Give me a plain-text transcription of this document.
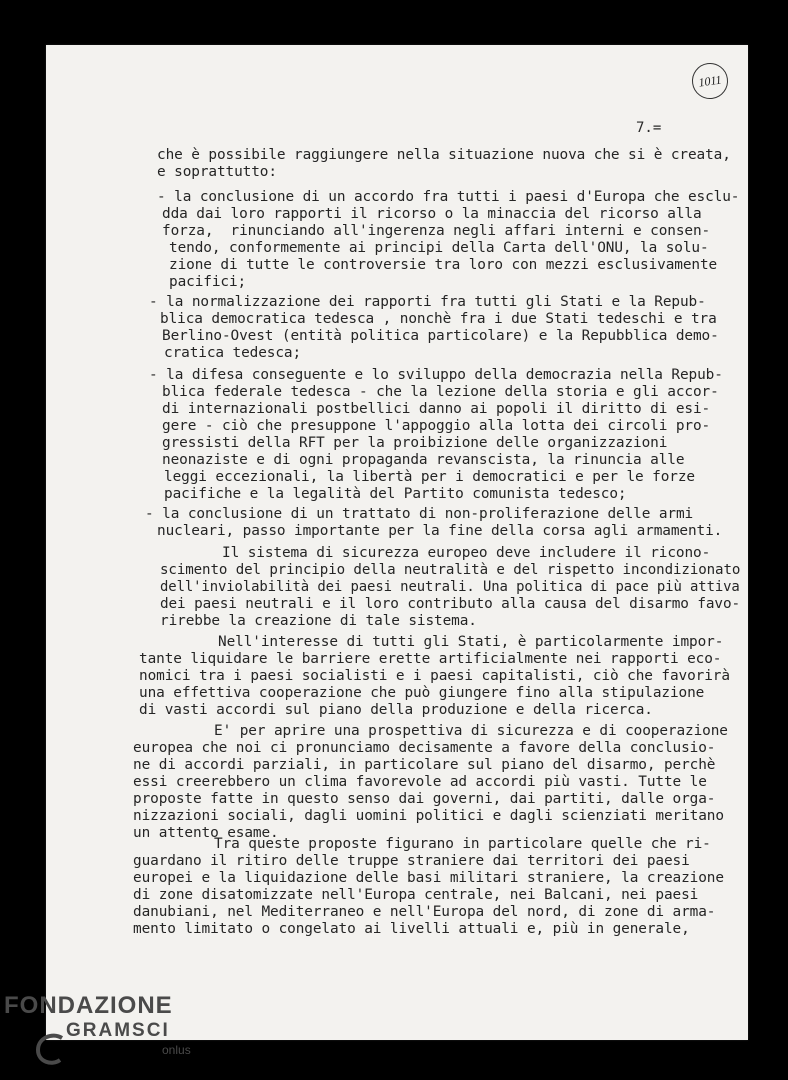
1011
7.=
che è possibile raggiungere nella situazione nuova che si è creata,
e soprattutto:
- la conclusione di un accordo fra tutti i paesi d'Europa che esclu-
dda dai loro rapporti il ricorso o la minaccia del ricorso alla
forza,  rinunciando all'ingerenza negli affari interni e consen-
tendo, conformemente ai principi della Carta dell'ONU, la solu-
zione di tutte le controversie tra loro con mezzi esclusivamente
pacifici;
- la normalizzazione dei rapporti fra tutti gli Stati e la Repub-
blica democratica tedesca , nonchè fra i due Stati tedeschi e tra
Berlino-Ovest (entità politica particolare) e la Repubblica demo-
cratica tedesca;
- la difesa conseguente e lo sviluppo della democrazia nella Repub-
blica federale tedesca - che la lezione della storia e gli accor-
di internazionali postbellici danno ai popoli il diritto di esi-
gere - ciò che presuppone l'appoggio alla lotta dei circoli pro-
gressisti della RFT per la proibizione delle organizzazioni
neonaziste e di ogni propaganda revanscista, la rinuncia alle
leggi eccezionali, la libertà per i democratici e per le forze
pacifiche e la legalità del Partito comunista tedesco;
- la conclusione di un trattato di non-proliferazione delle armi
nucleari, passo importante per la fine della corsa agli armamenti.
Il sistema di sicurezza europeo deve includere il ricono-
scimento del principio della neutralità e del rispetto incondizionato
dell'inviolabilità dei paesi neutrali. Una politica di pace più attiva
dei paesi neutrali e il loro contributo alla causa del disarmo favo-
rirebbe la creazione di tale sistema.
Nell'interesse di tutti gli Stati, è particolarmente impor-
tante liquidare le barriere erette artificialmente nei rapporti eco-
nomici tra i paesi socialisti e i paesi capitalisti, ciò che favorirà
una effettiva cooperazione che può giungere fino alla stipulazione
di vasti accordi sul piano della produzione e della ricerca.
E' per aprire una prospettiva di sicurezza e di cooperazione
europea che noi ci pronunciamo decisamente a favore della conclusio-
ne di accordi parziali, in particolare sul piano del disarmo, perchè
essi creerebbero un clima favorevole ad accordi più vasti. Tutte le
proposte fatte in questo senso dai governi, dai partiti, dalle orga-
nizzazioni sociali, dagli uomini politici e dagli scienziati meritano
un attento esame.
Tra queste proposte figurano in particolare quelle che ri-
guardano il ritiro delle truppe straniere dai territori dei paesi
europei e la liquidazione delle basi militari straniere, la creazione
di zone disatomizzate nell'Europa centrale, nei Balcani, nei paesi
danubiani, nel Mediterraneo e nell'Europa del nord, di zone di arma-
mento limitato o congelato ai livelli attuali e, più in generale,
FONDAZIONE
GRAMSCI
onlus
